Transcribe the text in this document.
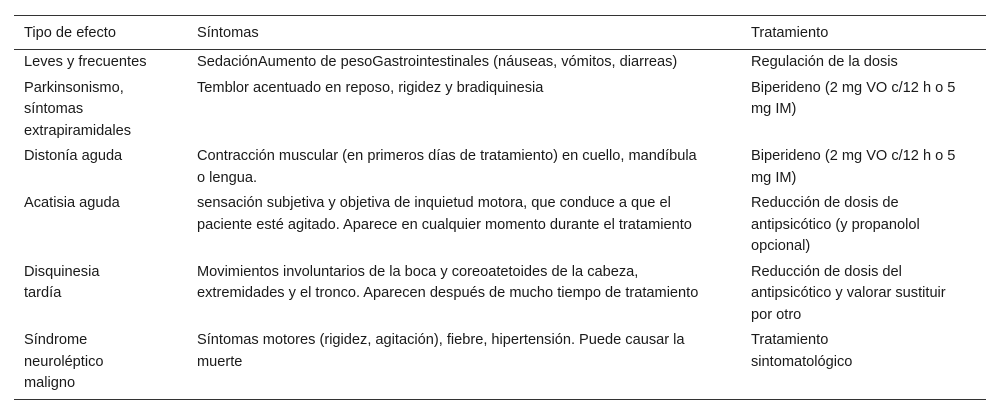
Tipo de efecto	Síntomas	Tratamiento
Leves y frecuentes	SedaciónAumento de pesoGastrointestinales (náuseas, vómitos, diarreas)	Regulación de la dosis
Parkinsonismo, síntomas extrapiramidales	Temblor acentuado en reposo, rigidez y bradiquinesia	Biperideno (2 mg VO c/12 h o 5 mg IM)
Distonía aguda	Contracción muscular (en primeros días de tratamiento) en cuello, mandíbula o lengua.	Biperideno (2 mg VO c/12 h o 5 mg IM)
Acatisia aguda	sensación subjetiva y objetiva de inquietud motora, que conduce a que el paciente esté agitado. Aparece en cualquier momento durante el tratamiento	Reducción de dosis de antipsicótico (y propanolol opcional)
Disquinesia tardía	Movimientos involuntarios de la boca y coreoatetoides de la cabeza, extremidades y el tronco. Aparecen después de mucho tiempo de tratamiento	Reducción de dosis del antipsicótico y valorar sustituir por otro
Síndrome neuroléptico maligno	Síntomas motores (rigidez, agitación), fiebre, hipertensión. Puede causar la muerte	Tratamiento sintomatológico
